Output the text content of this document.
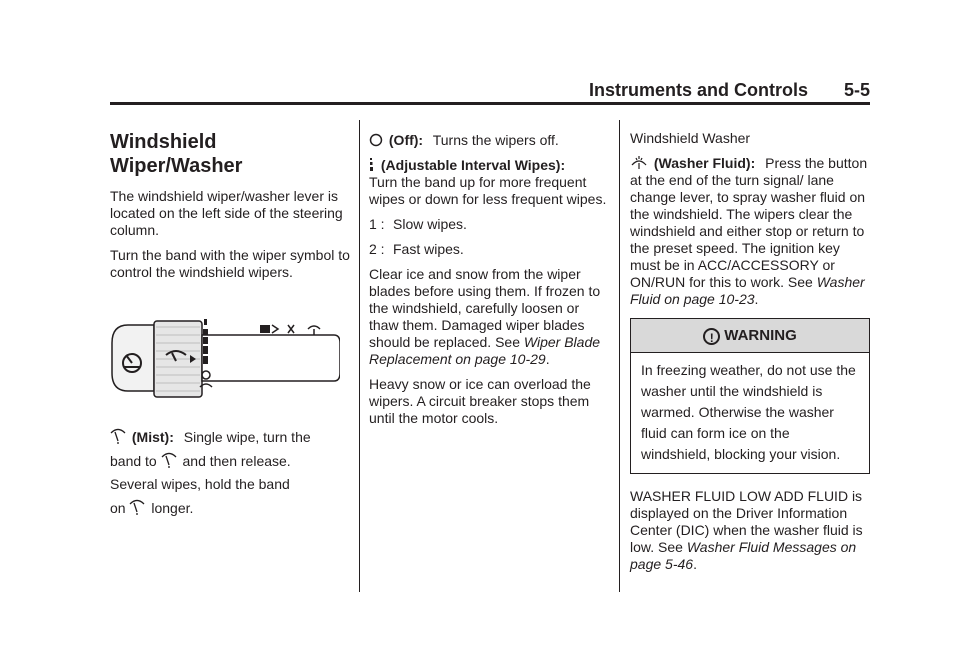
Instruments and Controls 5-5
Windshield Wiper/Washer

The windshield wiper/washer lever is located on the left side of the steering column.

Turn the band with the wiper symbol to control the windshield wipers.

(Mist): Single wipe, turn the
band to and then release.
Several wipes, hold the band
on longer.

(Off): Turns the wipers off.

(Adjustable Interval Wipes):
Turn the band up for more frequent wipes or down for less frequent wipes.

1 : Slow wipes.
2 : Fast wipes.

Clear ice and snow from the wiper blades before using them. If frozen to the windshield, carefully loosen or thaw them. Damaged wiper blades should be replaced. See Wiper Blade Replacement on page 10-29.

Heavy snow or ice can overload the wipers. A circuit breaker stops them until the motor cools.

Windshield Washer

(Washer Fluid): Press the button at the end of the turn signal/ lane change lever, to spray washer fluid on the windshield. The wipers clear the windshield and either stop or return to the preset speed. The ignition key must be in ACC/ACCESSORY or ON/RUN for this to work. See Washer Fluid on page 10-23.

! WARNING
In freezing weather, do not use the washer until the windshield is warmed. Otherwise the washer fluid can form ice on the windshield, blocking your vision.

WASHER FLUID LOW ADD FLUID is displayed on the Driver Information Center (DIC) when the washer fluid is low. See Washer Fluid Messages on page 5-46.
